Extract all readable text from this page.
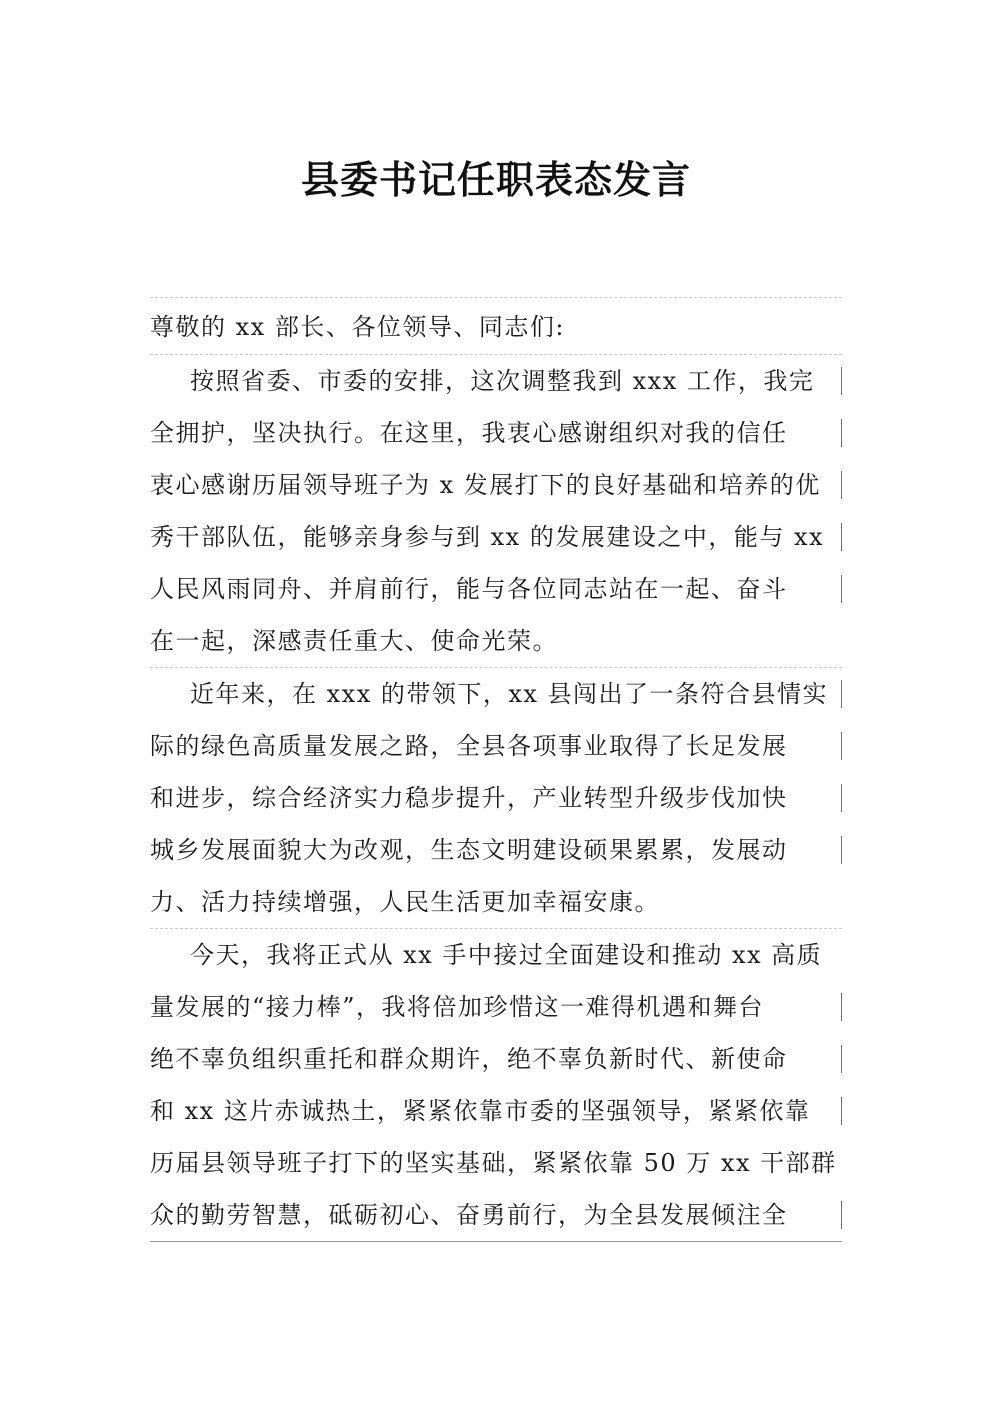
县委书记任职表态发言
尊敬的 xx 部长、各位领导、同志们:
按照省委、市委的安排，这次调整我到 xxx 工作，我完
全拥护，坚决执行。在这里，我衷心感谢组织对我的信任
衷心感谢历届领导班子为 x 发展打下的良好基础和培养的优
秀干部队伍，能够亲身参与到 xx 的发展建设之中，能与 xx
人民风雨同舟、并肩前行，能与各位同志站在一起、奋斗
在一起，深感责任重大、使命光荣。
近年来，在 xxx 的带领下，xx 县闯出了一条符合县情实
际的绿色高质量发展之路，全县各项事业取得了长足发展
和进步，综合经济实力稳步提升，产业转型升级步伐加快
城乡发展面貌大为改观，生态文明建设硕果累累，发展动
力、活力持续增强，人民生活更加幸福安康。
今天，我将正式从 xx 手中接过全面建设和推动 xx 高质
量发展的“接力棒”，我将倍加珍惜这一难得机遇和舞台
绝不辜负组织重托和群众期许，绝不辜负新时代、新使命
和 xx 这片赤诚热土，紧紧依靠市委的坚强领导，紧紧依靠
历届县领导班子打下的坚实基础，紧紧依靠 50 万 xx 干部群
众的勤劳智慧，砥砺初心、奋勇前行，为全县发展倾注全
